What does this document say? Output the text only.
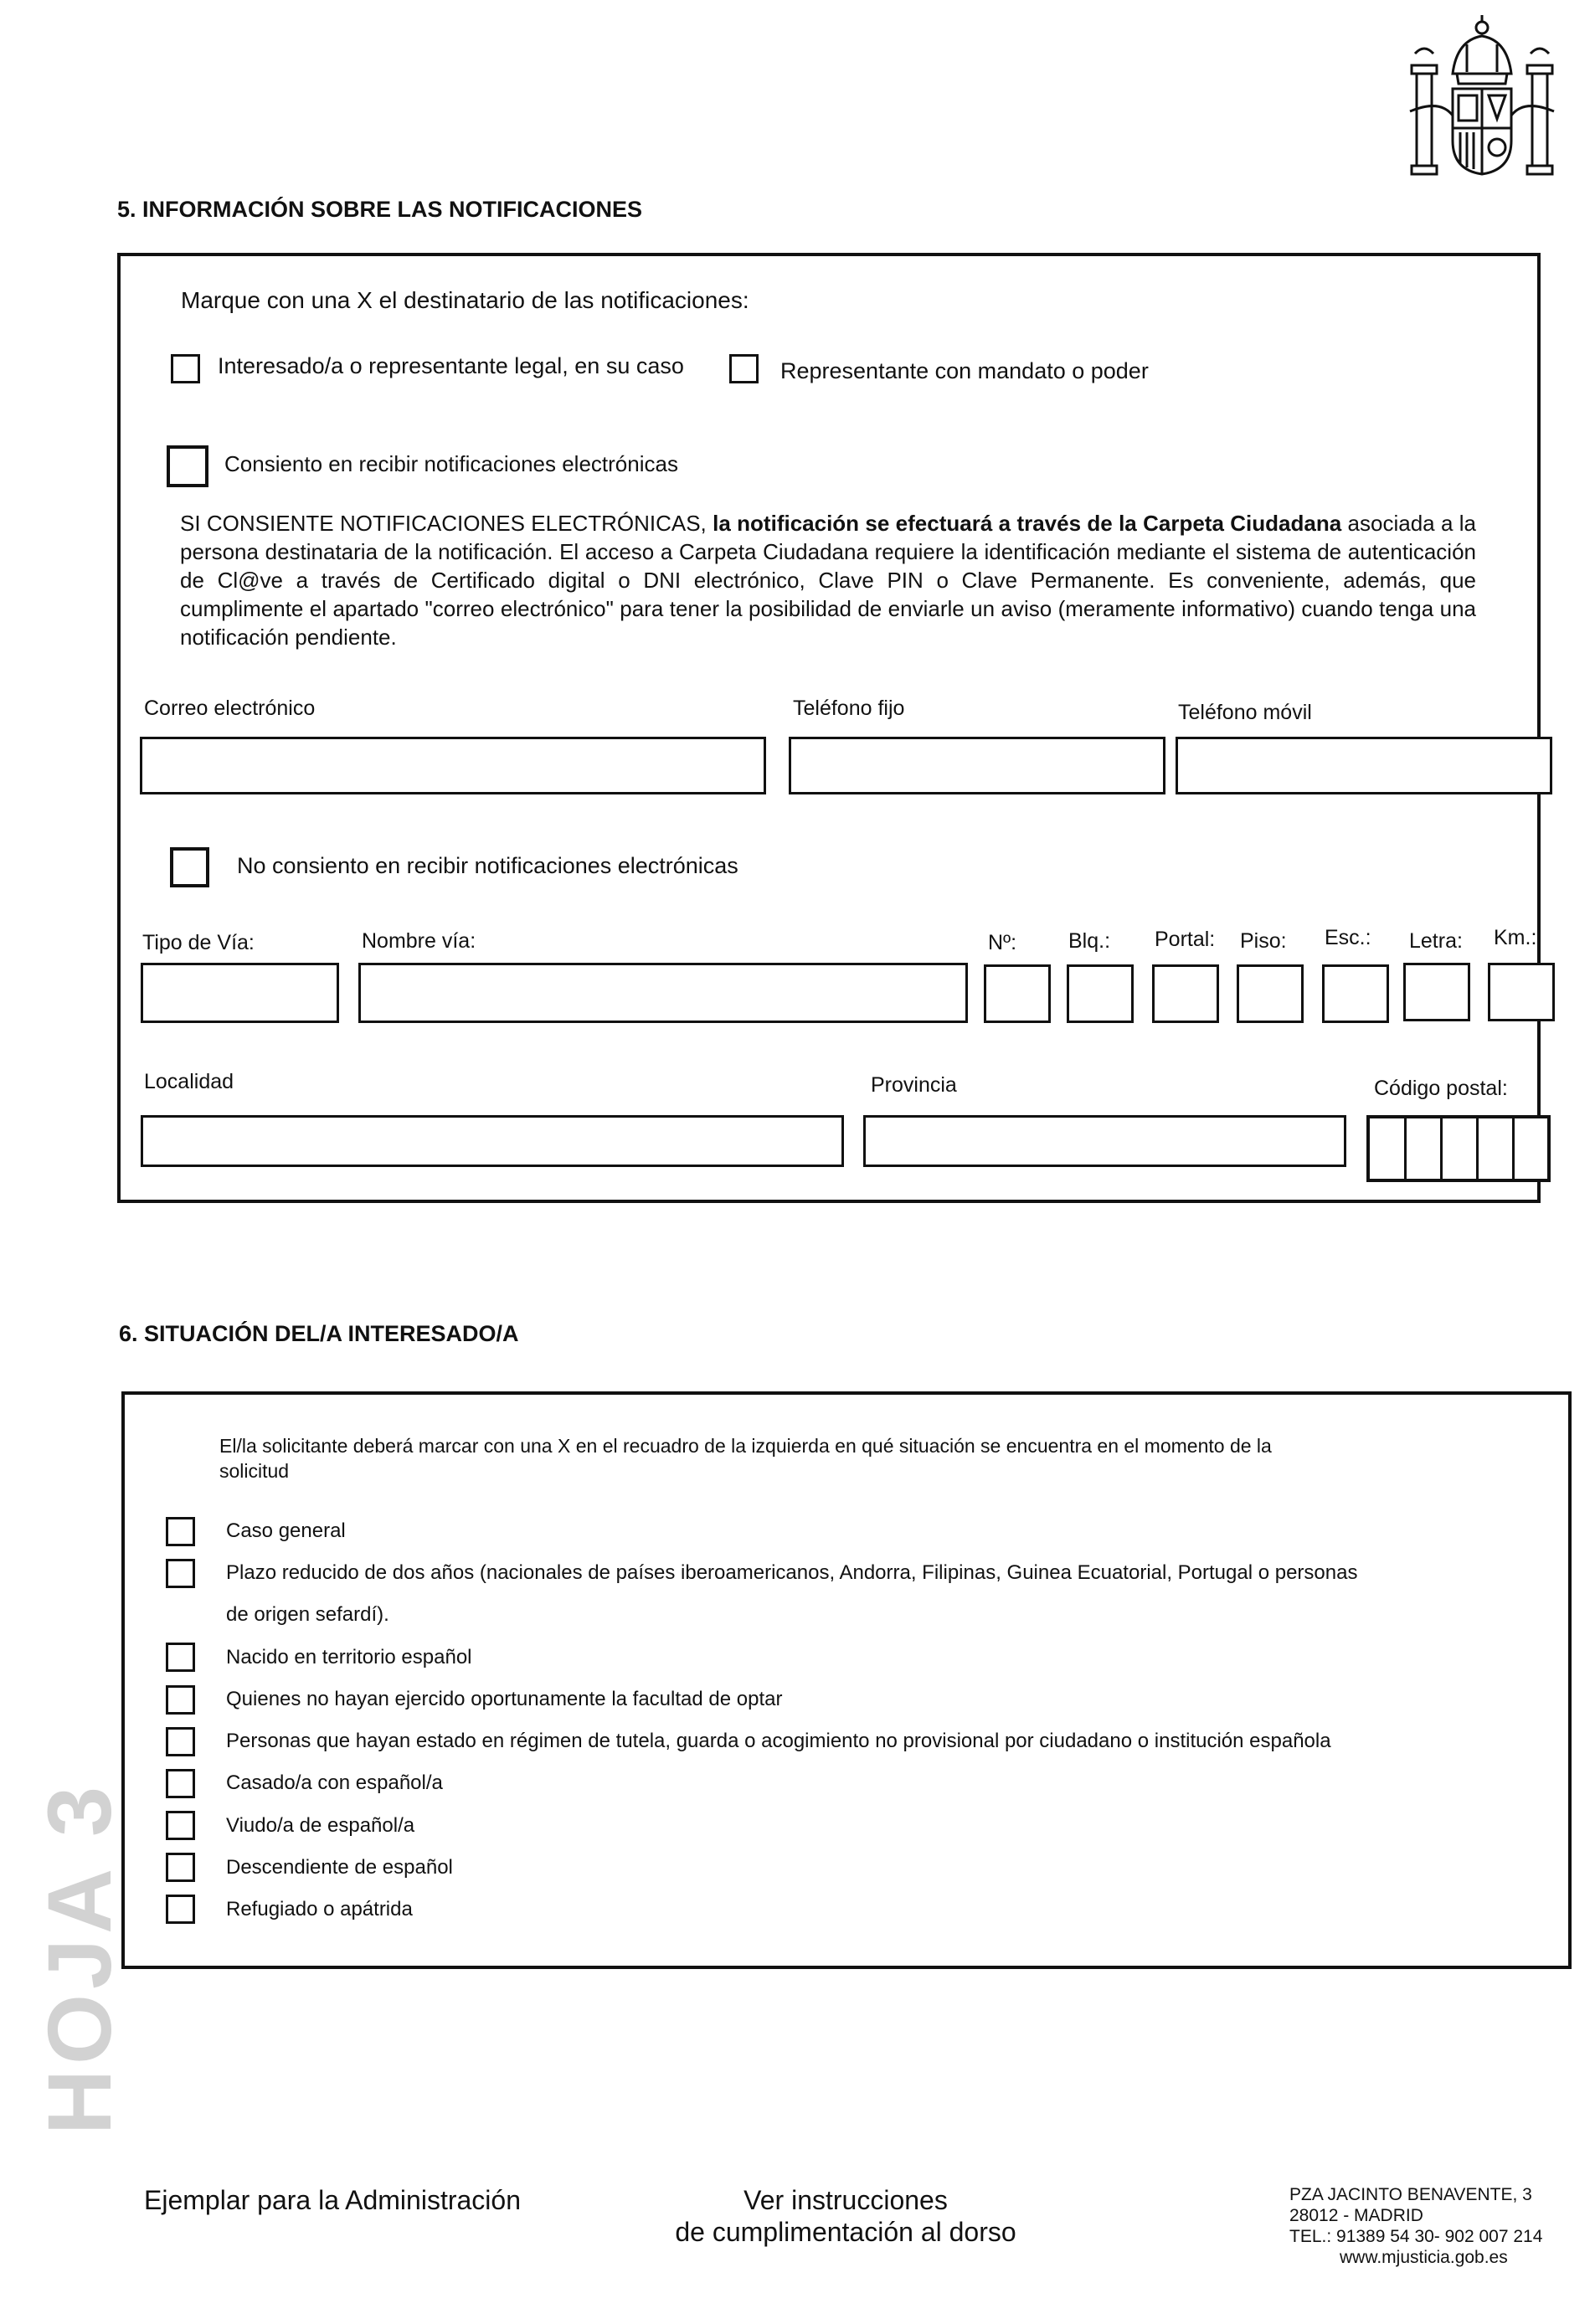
5. INFORMACIÓN SOBRE LAS NOTIFICACIONES
Marque con una X el destinatario de las notificaciones:
Interesado/a o representante legal, en su caso	Representante con mandato o poder
Consiento en recibir notificaciones electrónicas
SI CONSIENTE NOTIFICACIONES ELECTRÓNICAS, la notificación se efectuará a través de la Carpeta Ciudadana asociada a la persona destinataria de la notificación. El acceso a Carpeta Ciudadana requiere la identificación mediante el sistema de autenticación de Cl@ve a través de Certificado digital o DNI electrónico, Clave PIN o Clave Permanente. Es conveniente, además, que cumplimente el apartado "correo electrónico" para tener la posibilidad de enviarle un aviso (meramente informativo) cuando tenga una notificación pendiente.
Correo electrónico	Teléfono fijo	Teléfono móvil
No consiento en recibir notificaciones electrónicas
Tipo de Vía:	Nombre vía:	Nº: Blq.: Portal: Piso: Esc.: Letra: Km.:
Localidad	Provincia	Código postal:
6. SITUACIÓN DEL/A INTERESADO/A
El/la solicitante deberá marcar con una X en el recuadro de la izquierda en qué situación se encuentra en el momento de la
solicitud
Caso general
Plazo reducido de dos años (nacionales de países iberoamericanos, Andorra, Filipinas, Guinea Ecuatorial, Portugal o personas
de origen sefardí).
Nacido en territorio español
Quienes no hayan ejercido oportunamente la facultad de optar
Personas que hayan estado en régimen de tutela, guarda o acogimiento no provisional por ciudadano o institución española
Casado/a con español/a
Viudo/a de español/a
Descendiente de español
Refugiado o apátrida
HOJA 3
Ejemplar para la Administración	Ver instrucciones
de cumplimentación al dorso
PZA JACINTO BENAVENTE, 3
28012 - MADRID
TEL.: 91389 54 30- 902 007 214
www.mjusticia.gob.es
